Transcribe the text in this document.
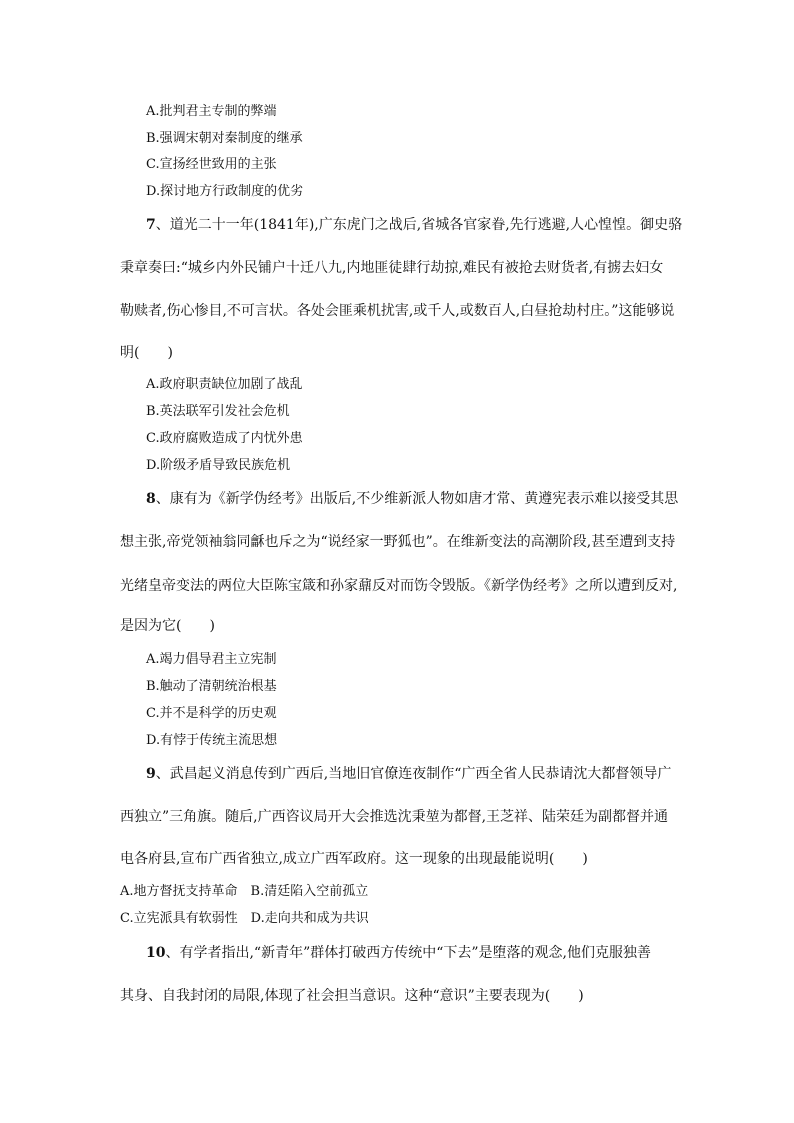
A.批判君主专制的弊端
B.强调宋朝对秦制度的继承
C.宣扬经世致用的主张
D.探讨地方行政制度的优劣
7、道光二十一年(1841年),广东虎门之战后,省城各官家眷,先行逃避,人心惶惶。御史骆
秉章奏曰:“城乡内外民铺户十迁八九,内地匪徒肆行劫掠,难民有被抢去财货者,有掳去妇女
勒赎者,伤心惨目,不可言状。各处会匪乘机扰害,或千人,或数百人,白昼抢劫村庄。”这能够说
明(　　)
A.政府职责缺位加剧了战乱
B.英法联军引发社会危机
C.政府腐败造成了内忧外患
D.阶级矛盾导致民族危机
8、康有为《新学伪经考》出版后,不少维新派人物如唐才常、黄遵宪表示难以接受其思
想主张,帝党领袖翁同龢也斥之为“说经家一野狐也”。在维新变法的高潮阶段,甚至遭到支持
光绪皇帝变法的两位大臣陈宝箴和孙家鼐反对而饬令毁版。《新学伪经考》之所以遭到反对,
是因为它(　　)
A.竭力倡导君主立宪制
B.触动了清朝统治根基
C.并不是科学的历史观
D.有悖于传统主流思想
9、武昌起义消息传到广西后,当地旧官僚连夜制作“广西全省人民恭请沈大都督领导广
西独立”三角旗。随后,广西咨议局开大会推选沈秉堃为都督,王芝祥、陆荣廷为副都督并通
电各府县,宣布广西省独立,成立广西军政府。这一现象的出现最能说明(　　)
A.地方督抚支持革命　B.清廷陷入空前孤立
C.立宪派具有软弱性　D.走向共和成为共识
10、有学者指出,“新青年”群体打破西方传统中“下去”是堕落的观念,他们克服独善
其身、自我封闭的局限,体现了社会担当意识。这种“意识”主要表现为(　　)
